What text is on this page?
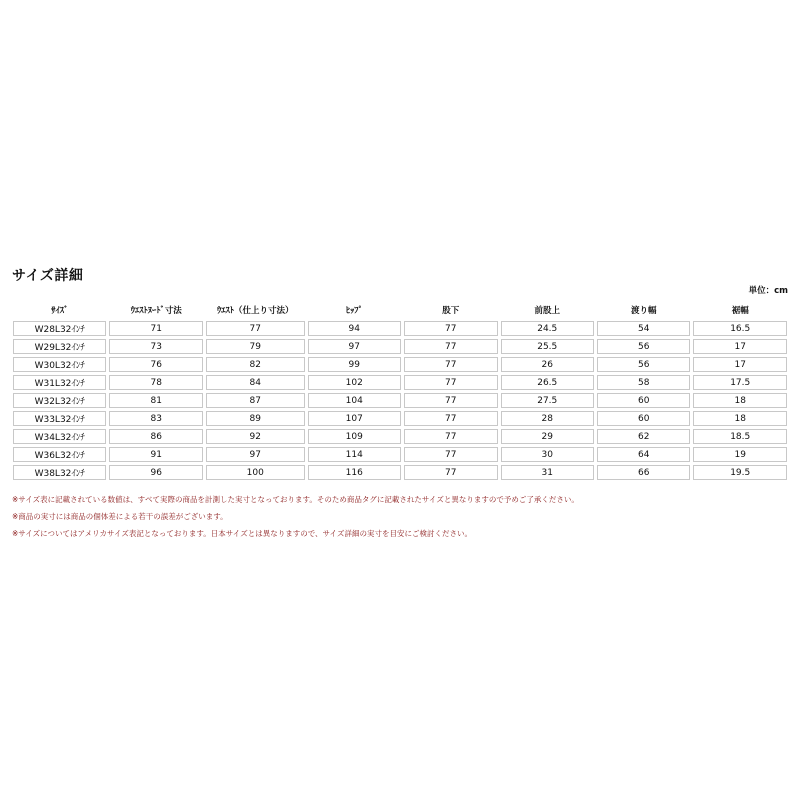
サイズ詳細
単位：cm
ｻｲｽﾞ	ｳｴｽﾄﾇｰﾄﾞ寸法	ｳｴｽﾄ（仕上り寸法）	ﾋｯﾌﾟ	股下	前股上	渡り幅	裾幅
W28L32ｲﾝﾁ	71	77	94	77	24.5	54	16.5
W29L32ｲﾝﾁ	73	79	97	77	25.5	56	17
W30L32ｲﾝﾁ	76	82	99	77	26	56	17
W31L32ｲﾝﾁ	78	84	102	77	26.5	58	17.5
W32L32ｲﾝﾁ	81	87	104	77	27.5	60	18
W33L32ｲﾝﾁ	83	89	107	77	28	60	18
W34L32ｲﾝﾁ	86	92	109	77	29	62	18.5
W36L32ｲﾝﾁ	91	97	114	77	30	64	19
W38L32ｲﾝﾁ	96	100	116	77	31	66	19.5
※サイズ表に記載されている数値は、すべて実際の商品を計測した実寸となっております。そのため商品タグに記載されたサイズと異なりますので予めご了承ください。
※商品の実寸には商品の個体差による若干の誤差がございます。
※サイズについてはアメリカサイズ表記となっております。日本サイズとは異なりますので、サイズ詳細の実寸を目安にご検討ください。
